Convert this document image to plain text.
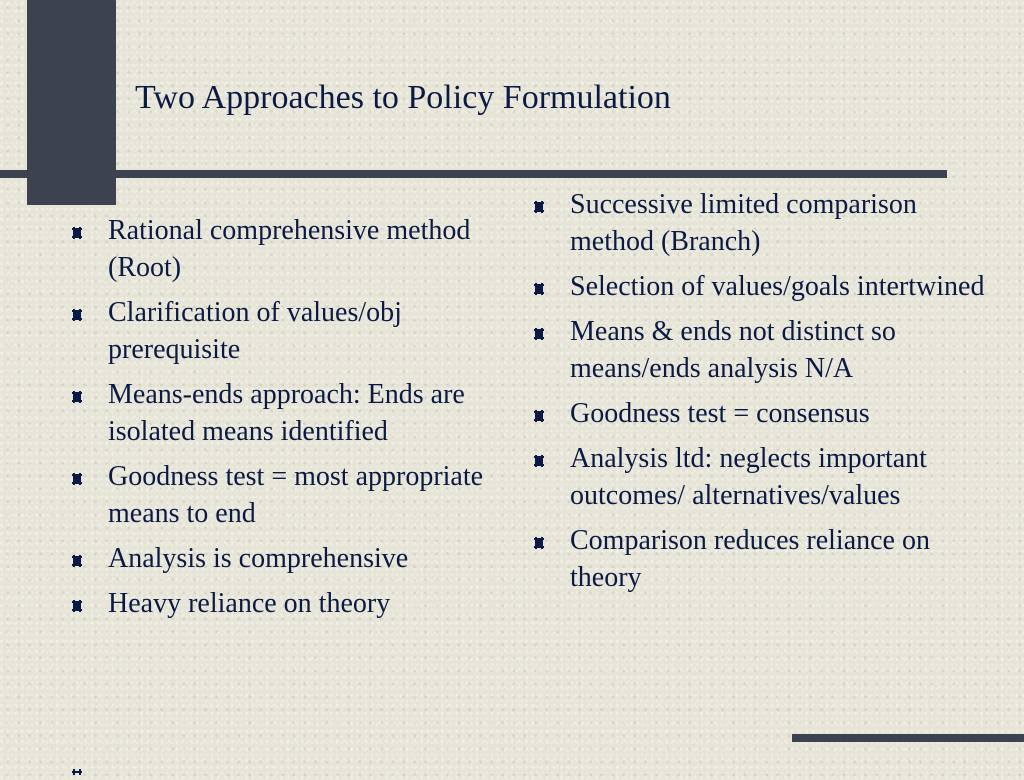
Two Approaches to Policy Formulation
Rational comprehensive method (Root)
Clarification of values/obj prerequisite
Means-ends approach: Ends are isolated means identified
Goodness test = most appropriate means to end
Analysis is comprehensive
Heavy reliance on theory
Successive limited comparison method (Branch)
Selection of values/goals intertwined
Means & ends not distinct so means/ends analysis N/A
Goodness test = consensus
Analysis ltd: neglects important outcomes/ alternatives/values
Comparison reduces reliance on theory
